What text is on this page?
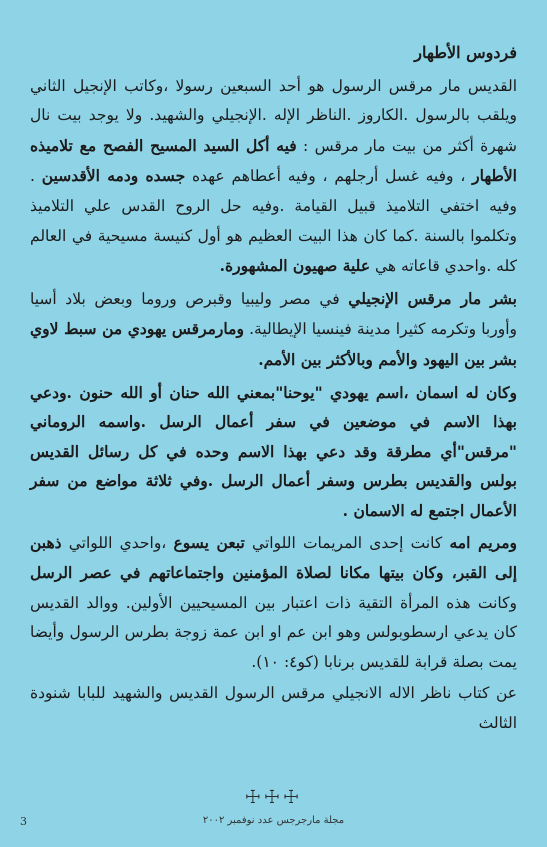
فردوس الأطهار

القديس مار مرقس الرسول هو أحد السبعين رسولا ،وكاتب الإنجيل الثاني ويلقب بالرسول .الكاروز .الناظر الإله .الإنجيلي والشهيد. ولا يوجد بيت نال شهرة أكثر من بيت مار مرقس : فيه أكل السيد المسيح الفصح مع تلاميذه الأطهار ، وفيه غسل أرجلهم ، وفيه أعطاهم عهده جسده ودمه الأقدسين . وفيه اختفي التلاميذ قبيل القيامة .وفيه حل الروح القدس علي التلاميذ وتكلموا بالسنة .كما كان هذا البيت العظيم هو أول كنيسة مسيحية في العالم كله .واحدي قاعاته هي علية صهيون المشهورة.

بشر مار مرقس الإنجيلي في مصر وليبيا وقبرص وروما وبعض بلاد أسيا وأوربا وتكرمه كثيرا مدينة فينسيا الإيطالية. ومارمرقس يهودي من سبط لاوي بشر بين اليهود والأمم وبالأكثر بين الأمم.

وكان له اسمان ،اسم يهودي "يوحنا"بمعني الله حنان أو الله حنون .ودعي بهذا الاسم في موضعين في سفر أعمال الرسل .واسمه الروماني "مرقس"أي مطرقة وقد دعي بهذا الاسم وحده في كل رسائل القديس بولس والقديس بطرس وسفر أعمال الرسل .وفي ثلاثة مواضع من سفر الأعمال اجتمع له الاسمان .

ومريم امه كانت إحدى المريمات اللواتي تبعن يسوع ،واحدي اللواتي ذهبن إلى القبر، وكان بيتها مكانا لصلاة المؤمنين واجتماعاتهم في عصر الرسل وكانت هذه المرأة التقية ذات اعتبار بين المسيحيين الأولين. ووالد القديس كان يدعي ارسطوبولس وهو ابن عم او ابن عمة زوجة بطرس الرسول وأيضا يمت بصلة قرابة للقديس برنابا (كو٤: ١٠).

عن كتاب ناظر الاله الانجيلي مرقس الرسول القديس والشهيد للبابا شنودة الثالث

☩☩☩
مجلة مارجرجس عدد نوفمبر ٢٠٠٢
3
